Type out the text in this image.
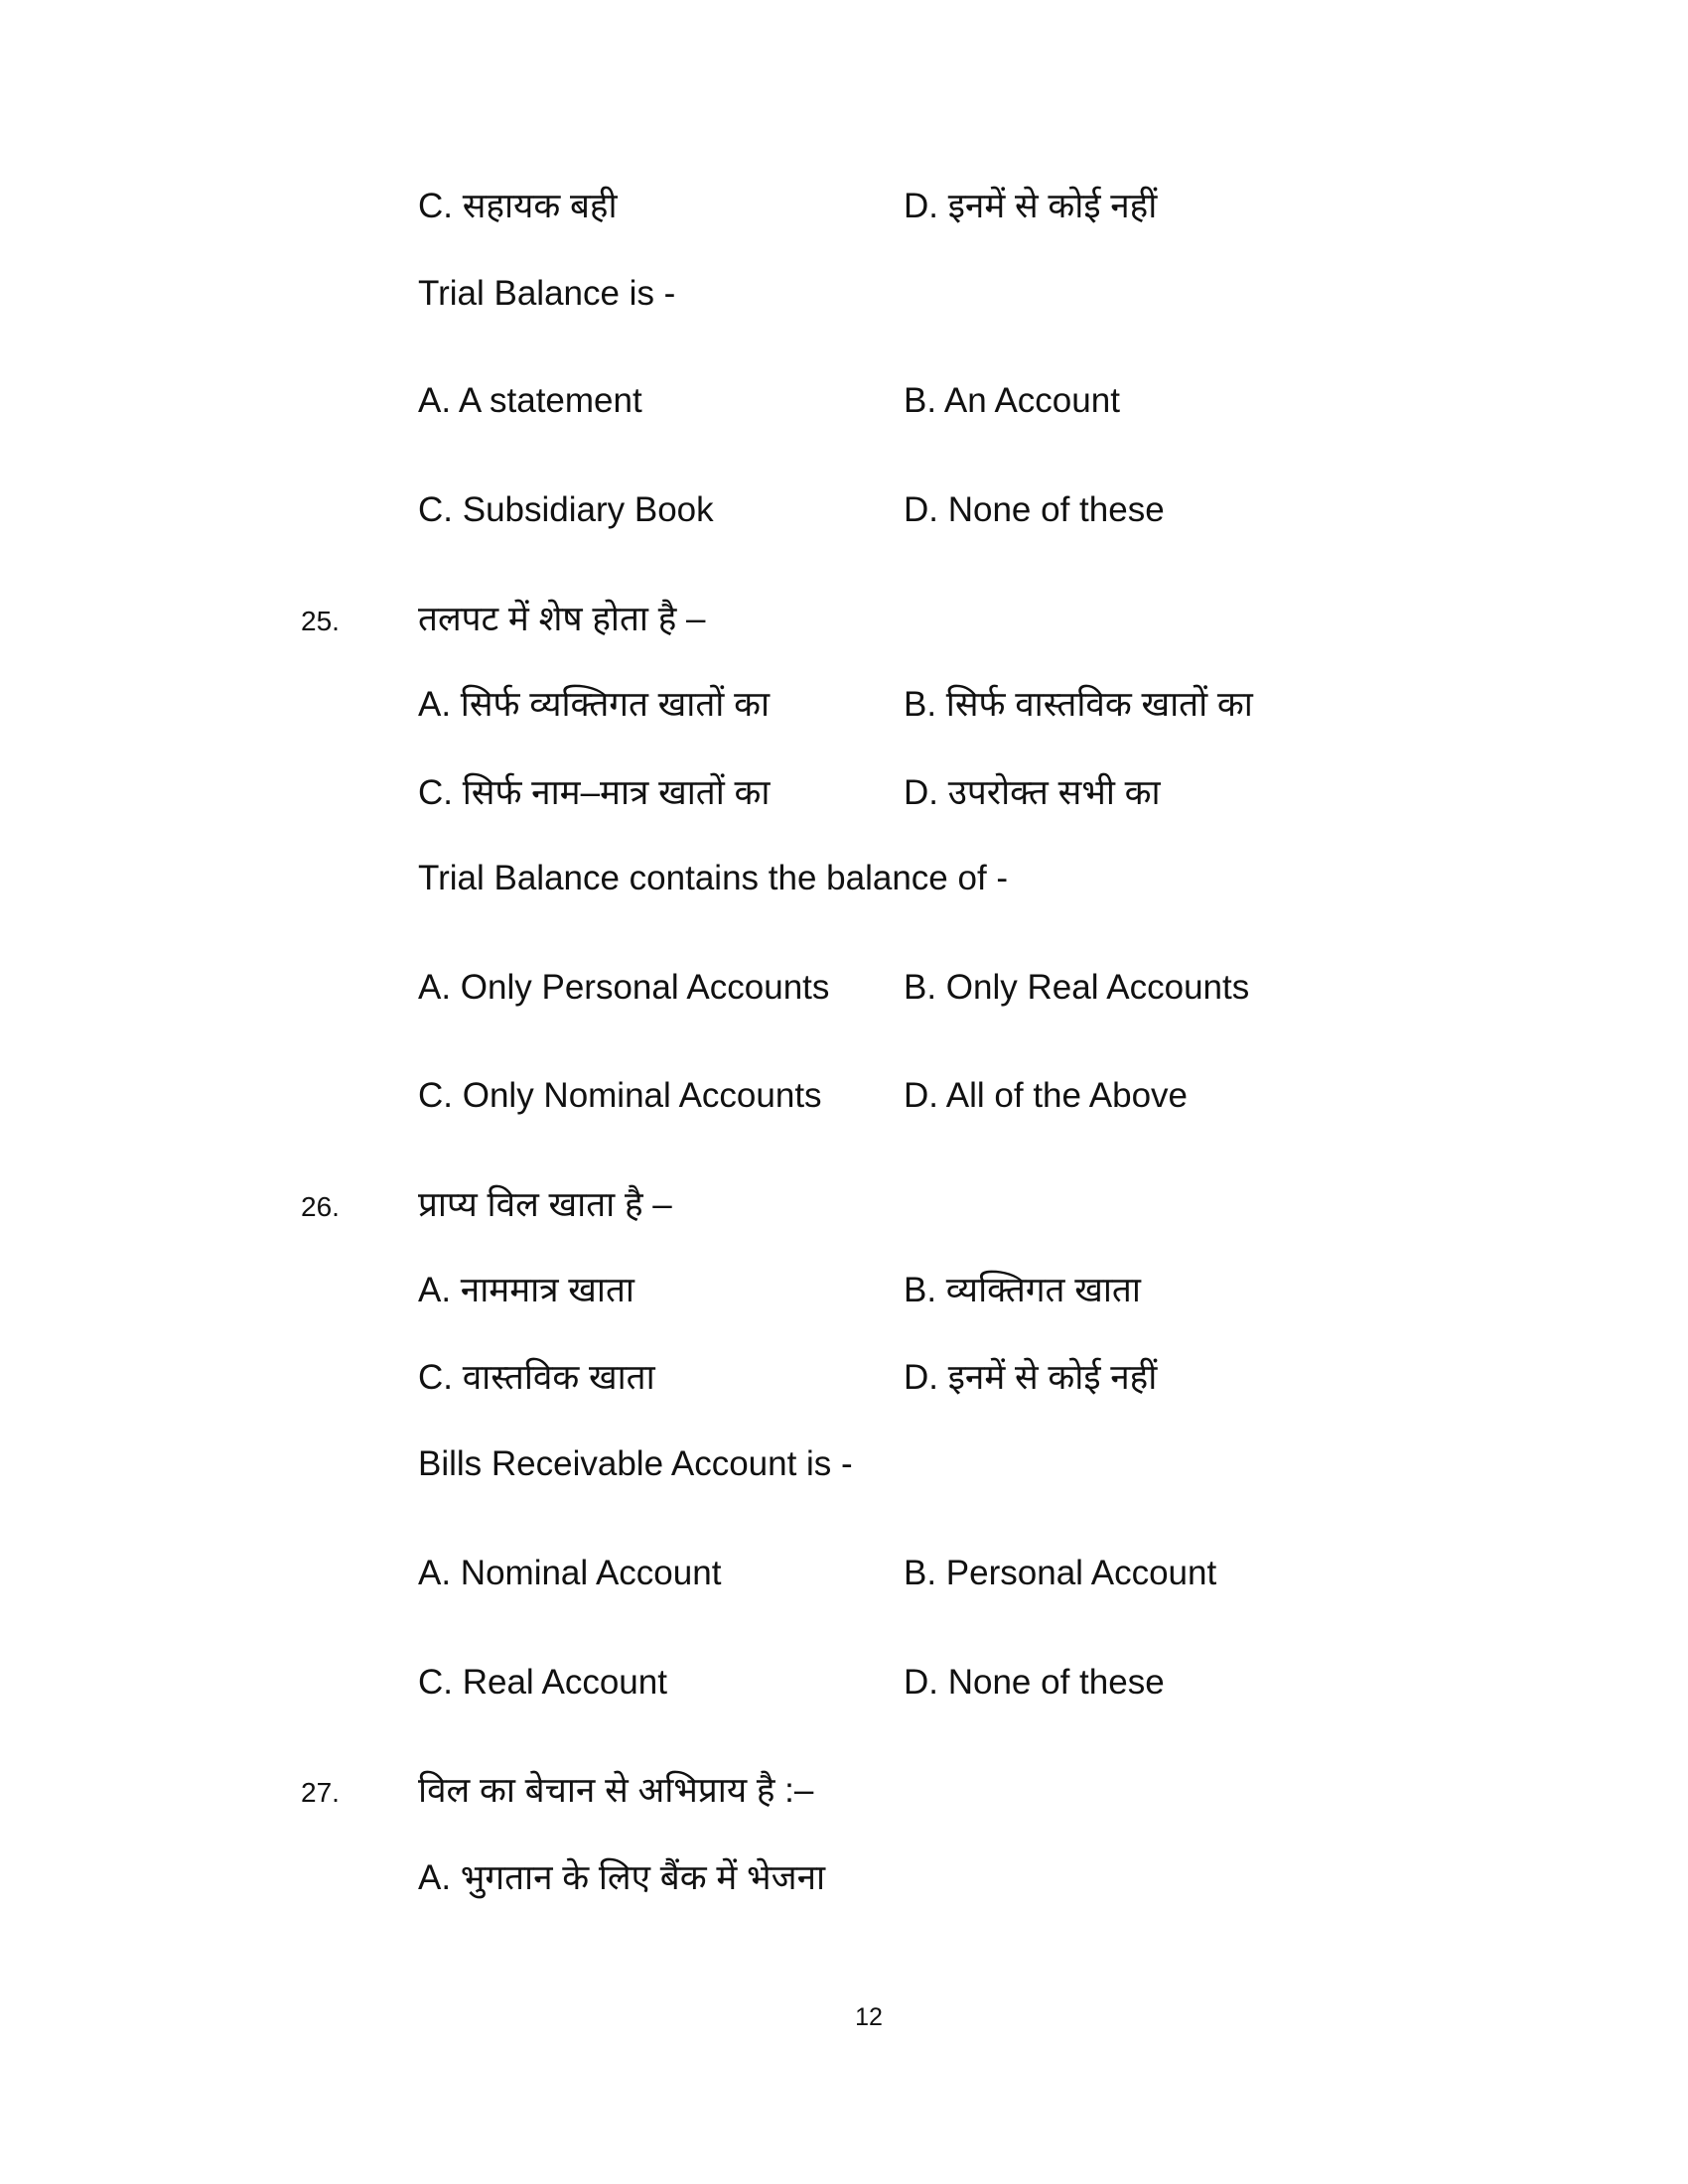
C. सहायक बही	D. इनमें से कोई नहीं
Trial Balance is -
A. A statement	B. An Account
C. Subsidiary Book	D. None of these
25. तलपट में शेष होता है –
A. सिर्फ व्यक्तिगत खातों का	B. सिर्फ वास्तविक खातों का
C. सिर्फ नाम–मात्र खातों का	D. उपरोक्त सभी का
Trial Balance contains the balance of -
A. Only Personal Accounts B. Only Real Accounts
C. Only Nominal Accounts D. All of the Above
26. प्राप्य विल खाता है –
A. नाममात्र खाता	B. व्यक्तिगत खाता
C. वास्तविक खाता	D. इनमें से कोई नहीं
Bills Receivable Account is -
A. Nominal Account	B. Personal Account
C. Real Account	D. None of these
27. विल का बेचान से अभिप्राय है :–
A. भुगतान के लिए बैंक में भेजना
12
